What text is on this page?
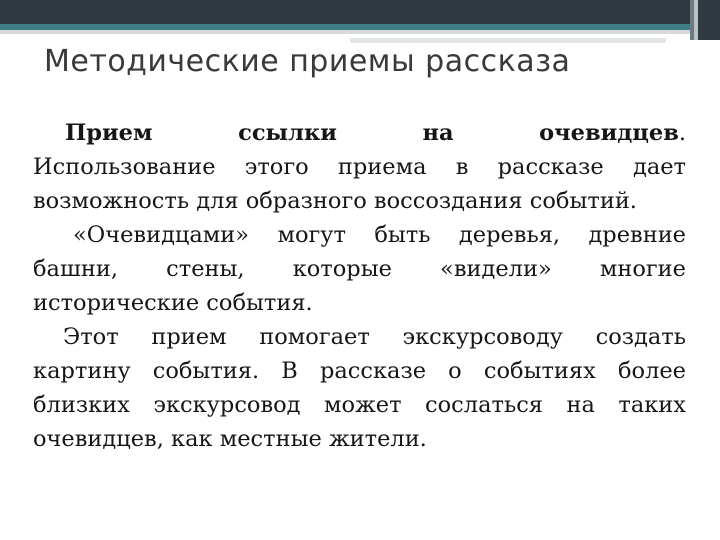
Методические приемы рассказа

Прием ссылки на очевидцев.

Использование этого приема в рассказе дает возможность для образного воссоздания событий.

«Очевидцами» могут быть деревья, древние башни, стены, которые «видели» многие исторические события.

Этот прием помогает экскурсоводу создать картину события. В рассказе о событиях более близких экскурсовод может сослаться на таких очевидцев, как местные жители.
